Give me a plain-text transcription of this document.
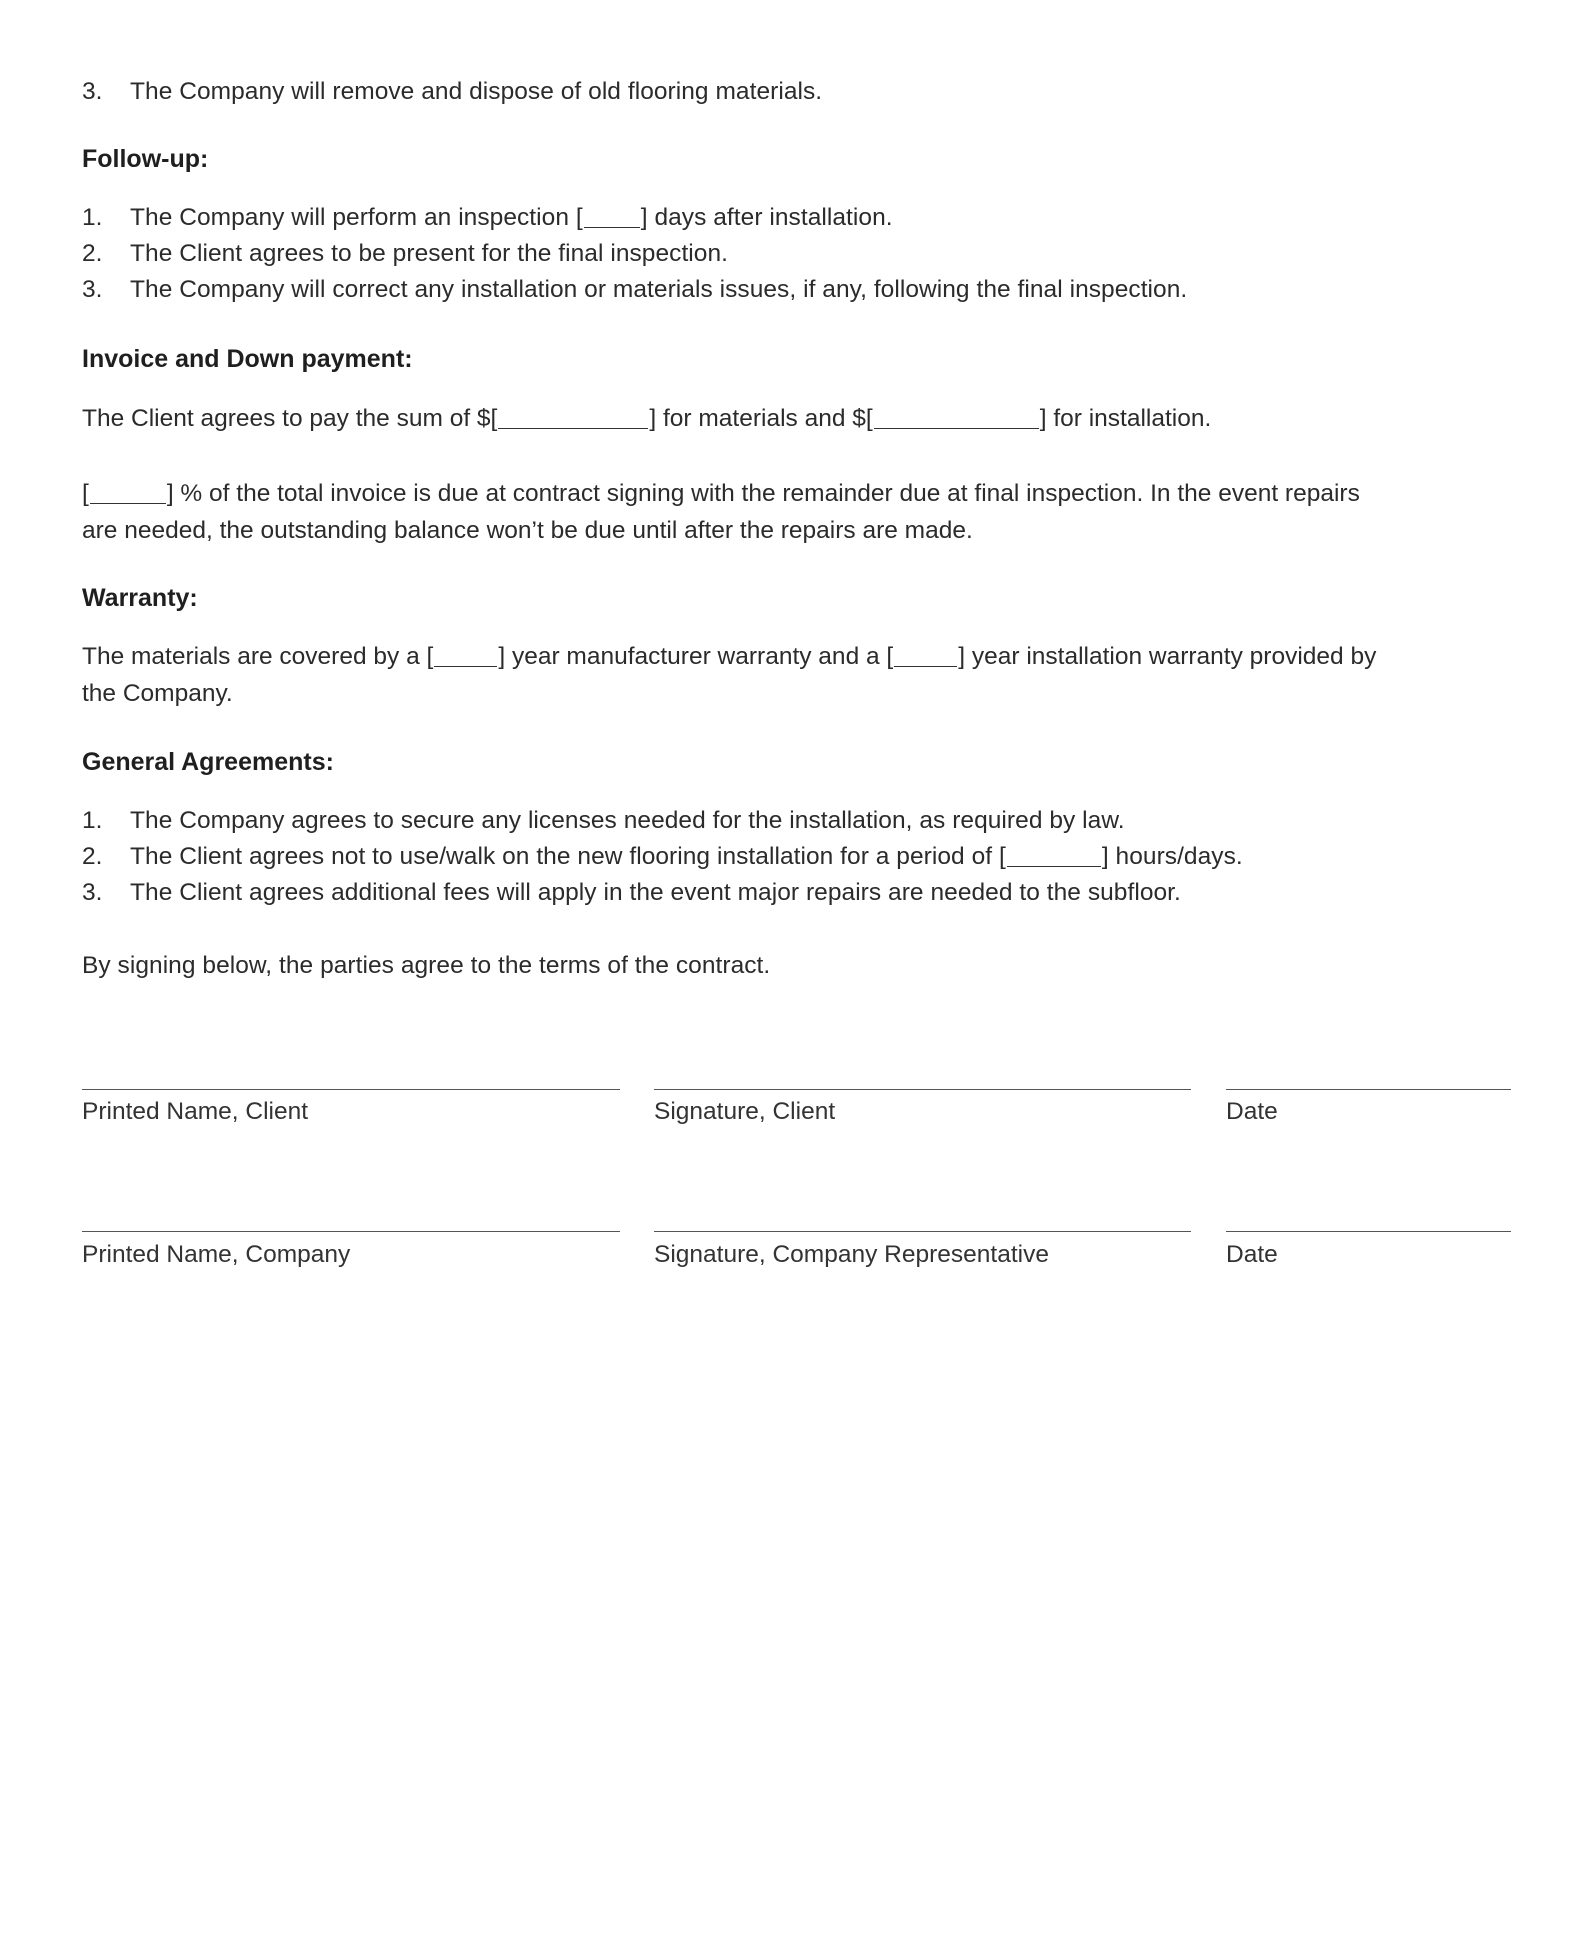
3. The Company will remove and dispose of old flooring materials.
Follow-up:
1. The Company will perform an inspection [ ] days after installation.
2. The Client agrees to be present for the final inspection.
3. The Company will correct any installation or materials issues, if any, following the final inspection.
Invoice and Down payment:
The Client agrees to pay the sum of $[	] for materials and $[	] for installation.
[	] % of the total invoice is due at contract signing with the remainder due at final inspection. In the event repairs
are needed, the outstanding balance won’t be due until after the repairs are made.
Warranty:
The materials are covered by a [	] year manufacturer warranty and a [	] year installation warranty provided by
the Company.
General Agreements:
1. The Company agrees to secure any licenses needed for the installation, as required by law.
2. The Client agrees not to use/walk on the new flooring installation for a period of [	] hours/days.
3. The Client agrees additional fees will apply in the event major repairs are needed to the subfloor.
By signing below, the parties agree to the terms of the contract.
Printed Name, Client	Signature, Client	Date
Printed Name, Company	Signature, Company Representative	Date
